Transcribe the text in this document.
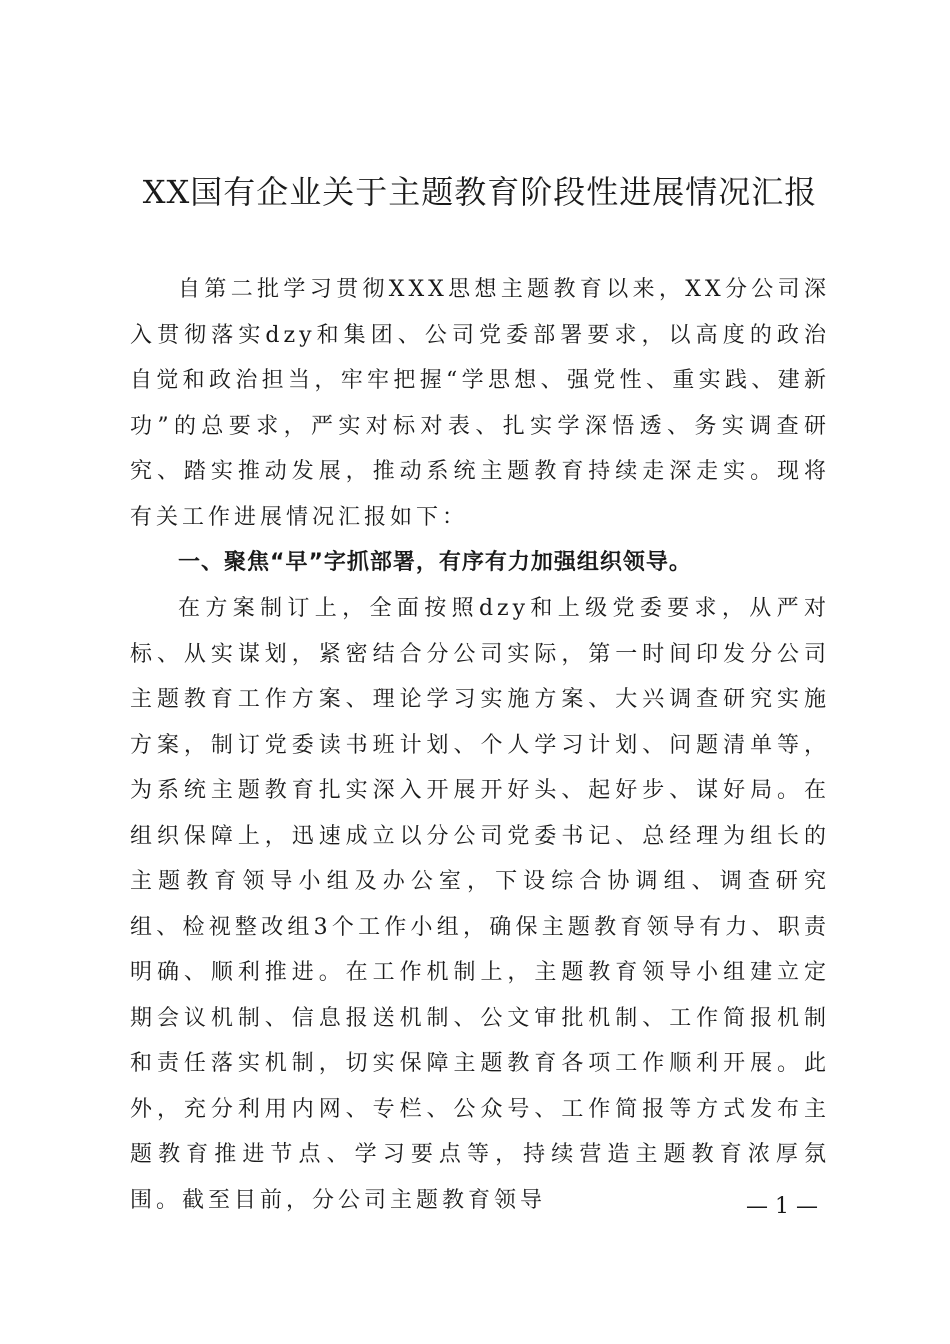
XX国有企业关于主题教育阶段性进展情况汇报

自第二批学习贯彻XXX思想主题教育以来，XX分公司深入贯彻落实dzy和集团、公司党委部署要求，以高度的政治自觉和政治担当，牢牢把握“学思想、强党性、重实践、建新功”的总要求，严实对标对表、扎实学深悟透、务实调查研究、踏实推动发展，推动系统主题教育持续走深走实。现将有关工作进展情况汇报如下：

一、聚焦“早”字抓部署，有序有力加强组织领导。

在方案制订上，全面按照dzy和上级党委要求，从严对标、从实谋划，紧密结合分公司实际，第一时间印发分公司主题教育工作方案、理论学习实施方案、大兴调查研究实施方案，制订党委读书班计划、个人学习计划、问题清单等，为系统主题教育扎实深入开展开好头、起好步、谋好局。在组织保障上，迅速成立以分公司党委书记、总经理为组长的主题教育领导小组及办公室，下设综合协调组、调查研究组、检视整改组3个工作小组，确保主题教育领导有力、职责明确、顺利推进。在工作机制上，主题教育领导小组建立定期会议机制、信息报送机制、公文审批机制、工作简报机制和责任落实机制，切实保障主题教育各项工作顺利开展。此外，充分利用内网、专栏、公众号、工作简报等方式发布主题教育推进节点、学习要点等，持续营造主题教育浓厚氛围。截至目前，分公司主题教育领导	— 1 —
